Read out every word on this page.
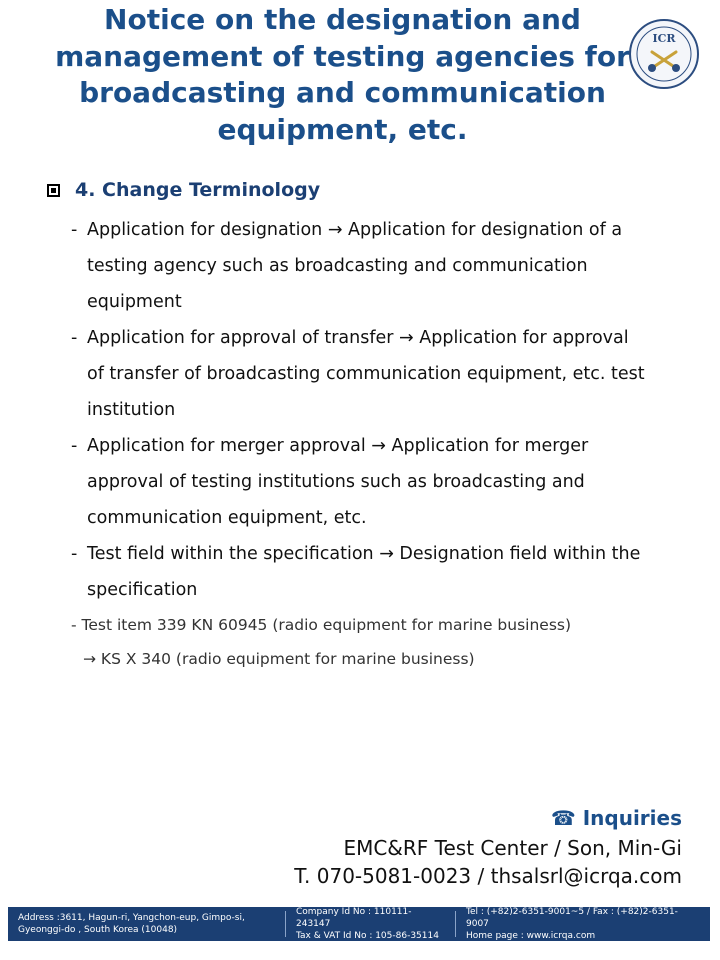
Notice on the designation and
management of testing agencies for
broadcasting and communication
equipment, etc.
ICR
4. Change Terminology
- Application for designation → Application for designation of a
testing agency such as broadcasting and communication
equipment
- Application for approval of transfer → Application for approval
of transfer of broadcasting communication equipment, etc. test
institution
- Application for merger approval → Application for merger
approval of testing institutions such as broadcasting and
communication equipment, etc.
- Test field within the specification → Designation field within the
specification
- Test item 339 KN 60945 (radio equipment for marine business)
→ KS X 340 (radio equipment for marine business)
☎ Inquiries
EMC&RF Test Center / Son, Min-Gi
T. 070-5081-0023 / thsalsrl@icrqa.com
Address :3611, Hagun-ri, Yangchon-eup, Gimpo-si,
Gyeonggi-do , South Korea (10048)
Company Id No : 110111-243147
Tax & VAT Id No : 105-86-35114
Tel : (+82)2-6351-9001~5 / Fax : (+82)2-6351-9007
Home page : www.icrqa.com
